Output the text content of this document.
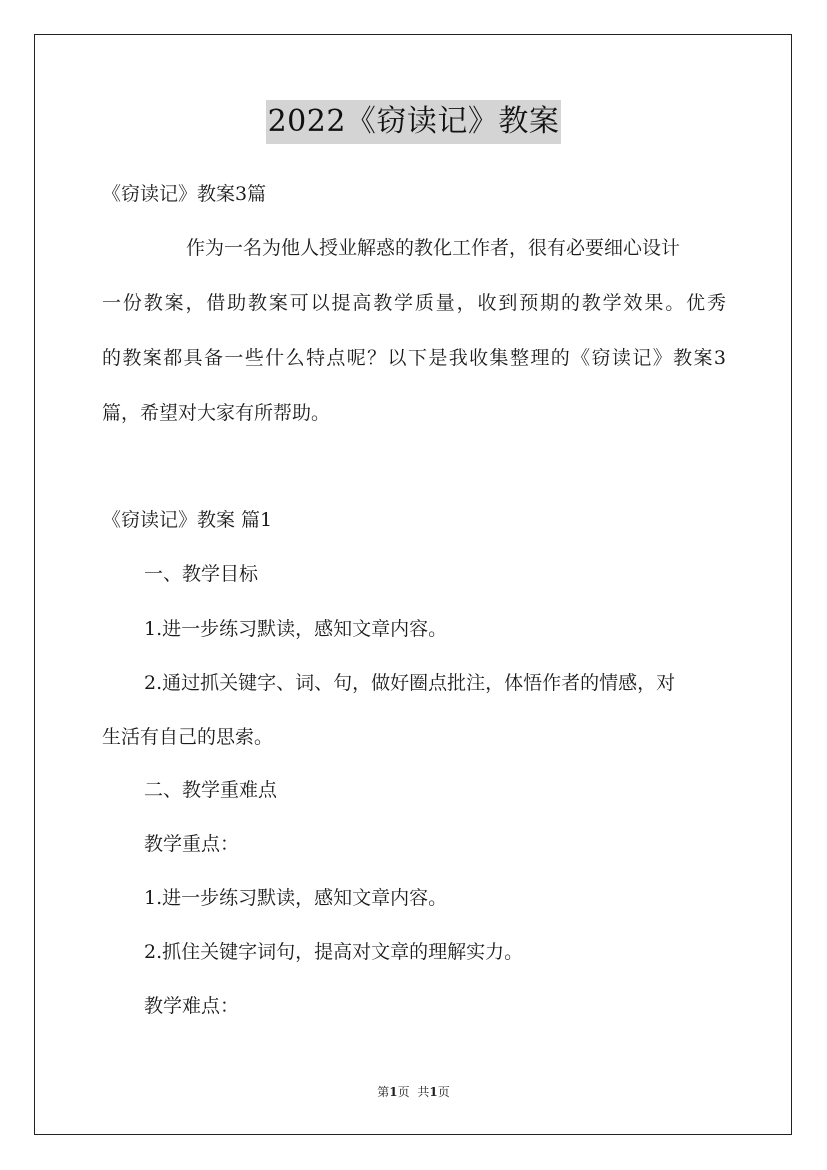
2022《窃读记》教案
《窃读记》教案3篇
作为一名为他人授业解惑的教化工作者，很有必要细心设计
一份教案，借助教案可以提高教学质量，收到预期的教学效果。优秀
的教案都具备一些什么特点呢？以下是我收集整理的《窃读记》教案3
篇，希望对大家有所帮助。
《窃读记》教案 篇1
一、教学目标
1.进一步练习默读，感知文章内容。
2.通过抓关键字、词、句，做好圈点批注，体悟作者的情感，对
生活有自己的思索。
二、教学重难点
教学重点：
1.进一步练习默读，感知文章内容。
2.抓住关键字词句，提高对文章的理解实力。
教学难点：
第1页 共1页
